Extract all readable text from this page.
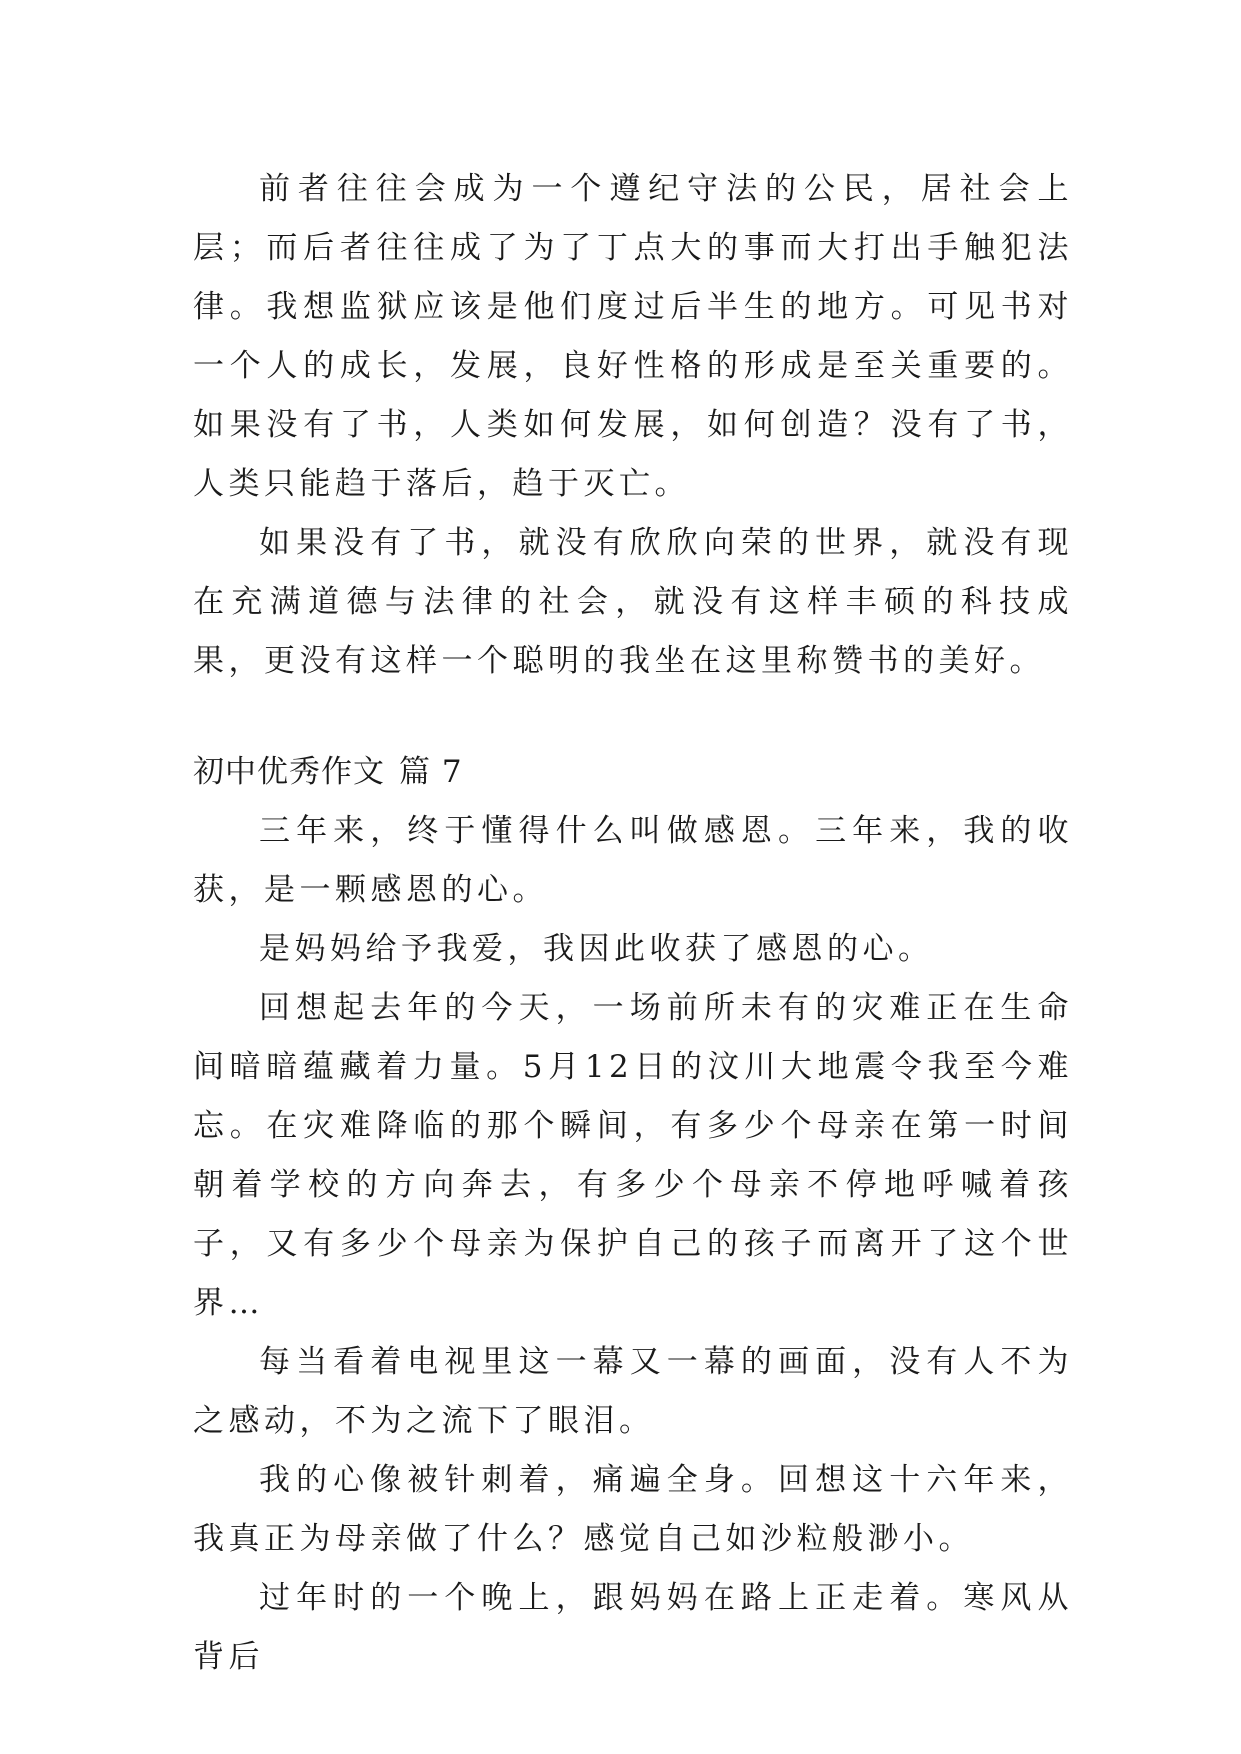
前者往往会成为一个遵纪守法的公民，居社会上层；而后者往往成了为了丁点大的事而大打出手触犯法律。我想监狱应该是他们度过后半生的地方。可见书对一个人的成长，发展，良好性格的形成是至关重要的。如果没有了书，人类如何发展，如何创造？没有了书，人类只能趋于落后，趋于灭亡。

如果没有了书，就没有欣欣向荣的世界，就没有现在充满道德与法律的社会，就没有这样丰硕的科技成果，更没有这样一个聪明的我坐在这里称赞书的美好。

初中优秀作文 篇 7

三年来，终于懂得什么叫做感恩。三年来，我的收获，是一颗感恩的心。

是妈妈给予我爱，我因此收获了感恩的心。

回想起去年的今天，一场前所未有的灾难正在生命间暗暗蕴藏着力量。5月12日的汶川大地震令我至今难忘。在灾难降临的那个瞬间，有多少个母亲在第一时间朝着学校的方向奔去，有多少个母亲不停地呼喊着孩子，又有多少个母亲为保护自己的孩子而离开了这个世界…

每当看着电视里这一幕又一幕的画面，没有人不为之感动，不为之流下了眼泪。

我的心像被针刺着，痛遍全身。回想这十六年来，我真正为母亲做了什么？感觉自己如沙粒般渺小。

过年时的一个晚上，跟妈妈在路上正走着。寒风从背后
